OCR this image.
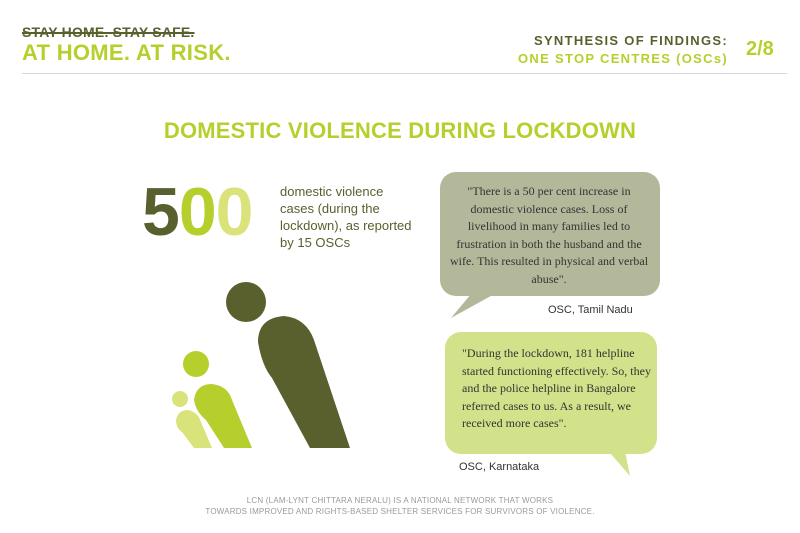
STAY HOME. STAY SAFE.
AT HOME. AT RISK.	SYNTHESIS OF FINDINGS:
ONE STOP CENTRES (OSCs) 2/8
DOMESTIC VIOLENCE DURING LOCKDOWN
500 domestic violence cases (during the lockdown), as reported by 15 OSCs
"There is a 50 per cent increase in domestic violence cases. Loss of livelihood in many families led to frustration in both the husband and the wife. This resulted in physical and verbal abuse".
OSC, Tamil Nadu
"During the lockdown, 181 helpline started functioning effectively. So, they and the police helpline in Bangalore referred cases to us. As a result, we received more cases".
OSC, Karnataka
LCN (LAM-LYNT CHITTARA NERALU) IS A NATIONAL NETWORK THAT WORKS
TOWARDS IMPROVED AND RIGHTS-BASED SHELTER SERVICES FOR SURVIVORS OF VIOLENCE.
